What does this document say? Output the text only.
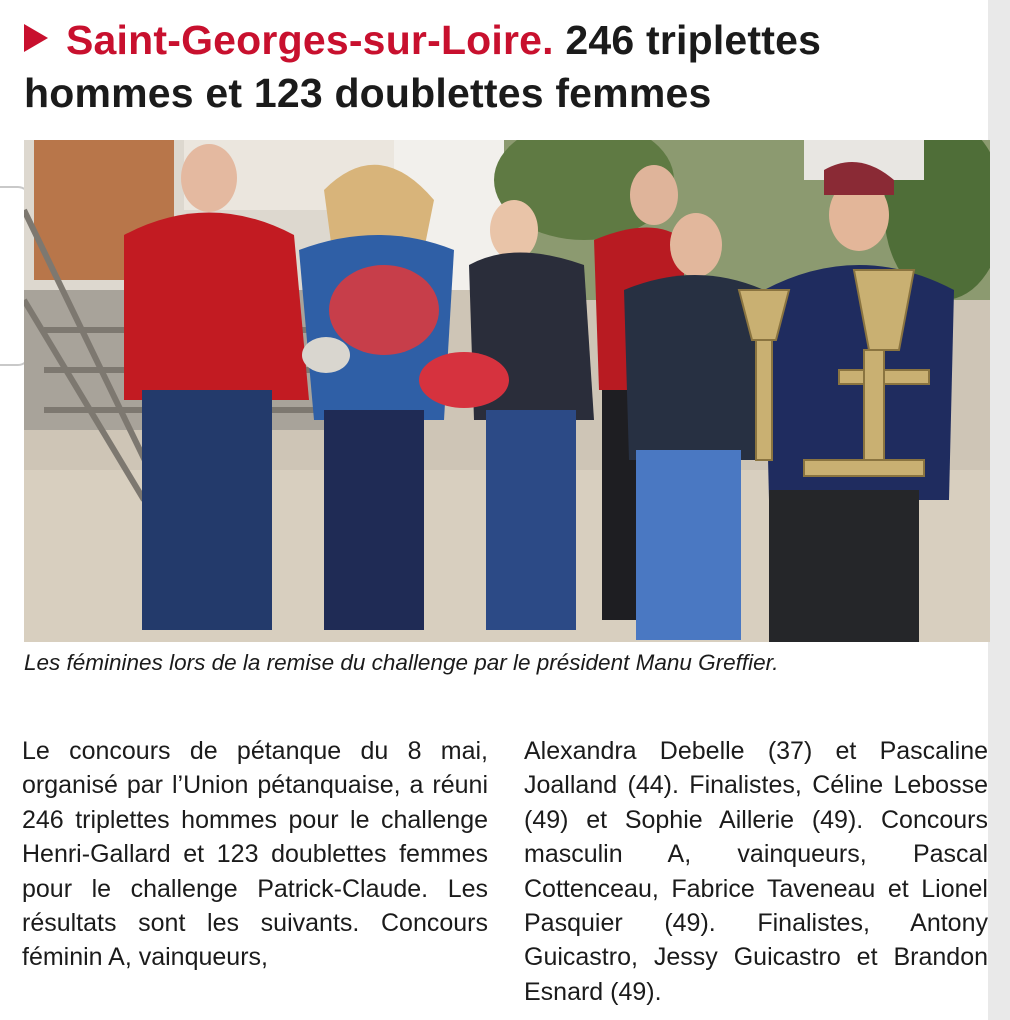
Saint-Georges-sur-Loire. 246 triplettes hommes et 123 doublettes femmes

Les féminines lors de la remise du challenge par le président Manu Greffier.

Le concours de pétanque du 8 mai, organisé par l’Union pétanquaise, a réuni 246 triplettes hommes pour le challenge Henri-Gallard et 123 doublettes femmes pour le challenge Patrick-Claude. Les résultats sont les suivants. Concours féminin A, vainqueurs,

Alexandra Debelle (37) et Pascaline Joalland (44). Finalistes, Céline Lebosse (49) et Sophie Aillerie (49). Concours masculin A, vainqueurs, Pascal Cottenceau, Fabrice Taveneau et Lionel Pasquier (49). Finalistes, Antony Guicastro, Jessy Guicastro et Brandon Esnard (49).
